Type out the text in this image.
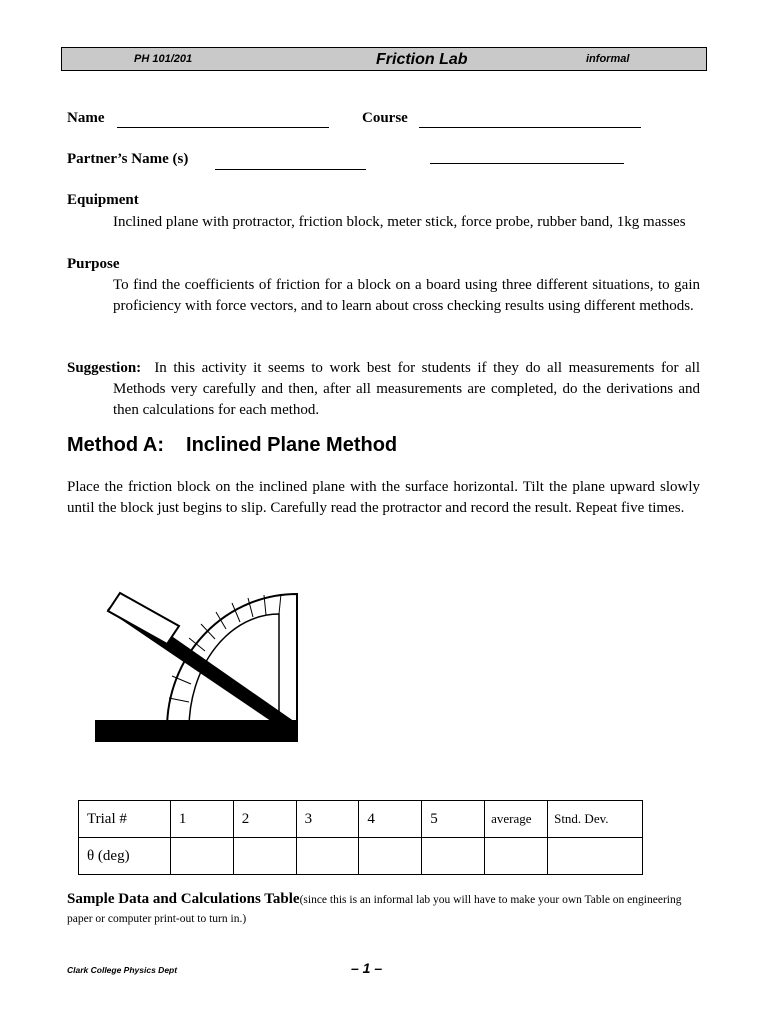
PH 101/201	Friction Lab	informal
Name	Course
Partner’s Name (s)
Equipment
Inclined plane with protractor, friction block, meter stick, force probe, rubber band, 1kg masses
Purpose
To find the coefficients of friction for a block on a board using three different situations, to gain proficiency with force vectors, and to learn about cross checking results using different methods.
Suggestion: In this activity it seems to work best for students if they do all measurements for all Methods very carefully and then, after all measurements are completed, do the derivations and then calculations for each method.
Method A: Inclined Plane Method
Place the friction block on the inclined plane with the surface horizontal. Tilt the plane upward slowly until the block just begins to slip. Carefully read the protractor and record the result. Repeat five times.
Trial #	1	2	3	4	5	average	Stnd. Dev.
θ (deg)							
Sample Data and Calculations Table(since this is an informal lab you will have to make your own Table on engineering paper or computer print-out to turn in.)
Clark College Physics Dept	– 1 –
